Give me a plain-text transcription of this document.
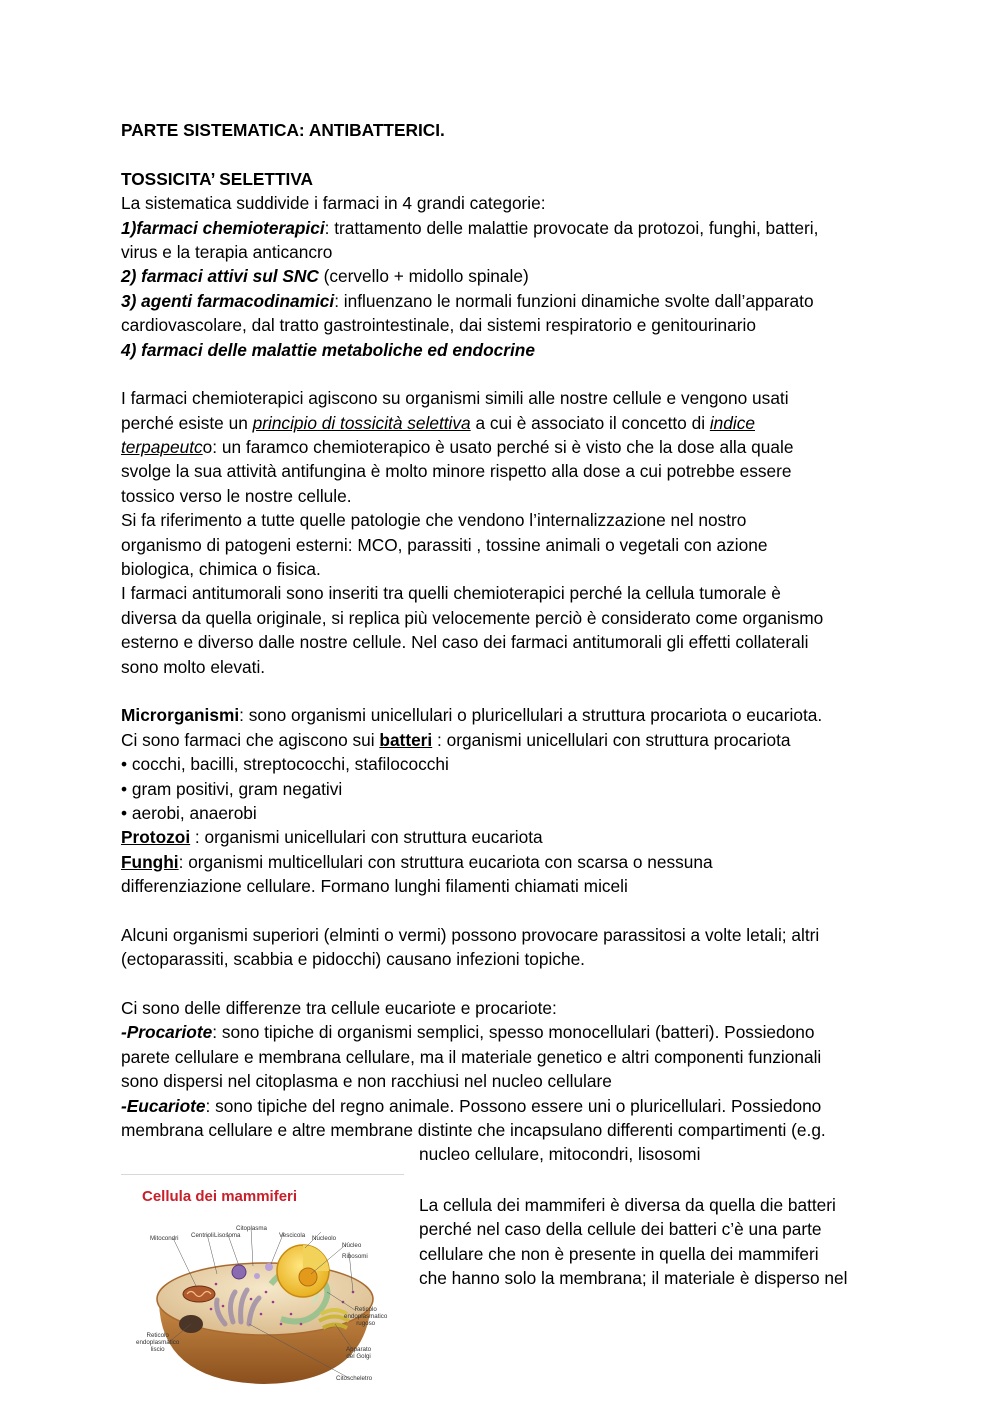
PARTE SISTEMATICA: ANTIBATTERICI.
TOSSICITA’ SELETTIVA
La sistematica suddivide i farmaci in 4 grandi categorie:
1)farmaci chemioterapici: trattamento delle malattie provocate da protozoi, funghi, batteri,
virus e la terapia anticancro
2) farmaci attivi sul SNC (cervello + midollo spinale)
3) agenti farmacodinamici: influenzano le normali funzioni dinamiche svolte dall’apparato
cardiovascolare, dal tratto gastrointestinale, dai sistemi respiratorio e genitourinario
4) farmaci delle malattie metaboliche ed endocrine
I farmaci chemioterapici agiscono su organismi simili alle nostre cellule e vengono usati
perché esiste un principio di tossicità selettiva a cui è associato il concetto di indice
terpapeutco: un faramco chemioterapico è usato perché si è visto che la dose alla quale
svolge la sua attività antifungina è molto minore rispetto alla dose a cui potrebbe essere
tossico verso le nostre cellule.
Si fa riferimento a tutte quelle patologie che vendono l’internalizzazione nel nostro
organismo di patogeni esterni: MCO, parassiti , tossine animali o vegetali con azione
biologica, chimica o fisica.
I farmaci antitumorali sono inseriti tra quelli chemioterapici perché la cellula tumorale è
diversa da quella originale, si replica più velocemente perciò è considerato come organismo
esterno e diverso dalle nostre cellule. Nel caso dei farmaci antitumorali gli effetti collaterali
sono molto elevati.
Microrganismi: sono organismi unicellulari o pluricellulari a struttura procariota o eucariota.
Ci sono farmaci che agiscono sui batteri : organismi unicellulari con struttura procariota
• cocchi, bacilli, streptococchi, stafilococchi
• gram positivi, gram negativi
• aerobi, anaerobi
Protozoi : organismi unicellulari con struttura eucariota
Funghi: organismi multicellulari con struttura eucariota con scarsa o nessuna
differenziazione cellulare. Formano lunghi filamenti chiamati miceli
Alcuni organismi superiori (elminti o vermi) possono provocare parassitosi a volte letali; altri
(ectoparassiti, scabbia e pidocchi) causano infezioni topiche.
Ci sono delle differenze tra cellule eucariote e procariote:
-Procariote: sono tipiche di organismi semplici, spesso monocellulari (batteri). Possiedono
parete cellulare e membrana cellulare, ma il materiale genetico e altri componenti funzionali
sono dispersi nel citoplasma e non racchiusi nel nucleo cellulare
-Eucariote: sono tipiche del regno animale. Possono essere uni o pluricellulari. Possiedono
membrana cellulare e altre membrane distinte che incapsulano differenti compartimenti (e.g.
nucleo cellulare, mitocondri, lisosomi
Cellula dei mammiferi
Mitocondri Centrioli Lisosoma
Citoplasma
Vescicola Nucleolo
Nucleo
Ribosomi
Reticolo
endoplasmatico
rugoso
Reticolo
endoplasmatico
liscio	Apparato
del Golgi
Citoscheletro
La cellula dei mammiferi è diversa da quella die batteri
perché nel caso della cellule dei batteri c’è una parte
cellulare che non è presente in quella dei mammiferi
che hanno solo la membrana; il materiale è disperso nel
